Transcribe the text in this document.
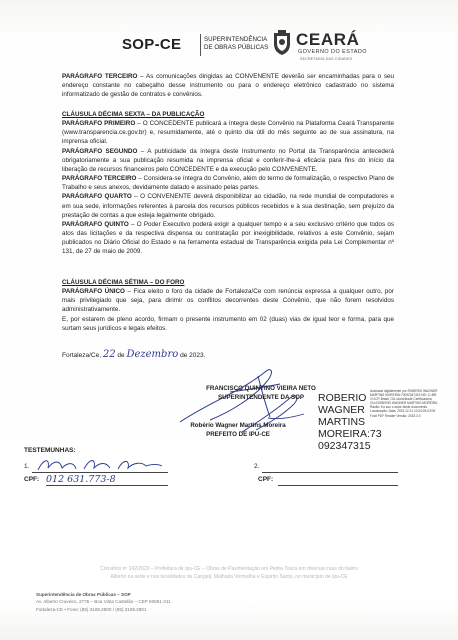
SOP-CE	SUPERINTENDÊNCIA
DE OBRAS PÚBLICAS CEARÁ
GOVERNO DO ESTADO
SECRETARIA DAS CIDADES
PARÁGRAFO TERCEIRO – As comunicações dirigidas ao CONVENENTE deverão ser encaminhadas para o seu endereço constante no cabeçalho desse instrumento ou para o endereço eletrônico cadastrado no sistema informatizado de gestão de contratos e convênios.
CLÁUSULA DÉCIMA SEXTA – DA PUBLICAÇÃO
PARÁGRAFO PRIMEIRO – O CONCEDENTE publicará a íntegra deste Convênio na Plataforma Ceará Transparente (www.transparencia.ce.gov.br) e, resumidamente, até o quinto dia útil do mês seguinte ao de sua assinatura, na imprensa oficial.
PARÁGRAFO SEGUNDO – A publicidade da íntegra deste Instrumento no Portal da Transparência antecederá obrigatoriamente a sua publicação resumida na imprensa oficial e conferir-lhe-á eficácia para fins do início da liberação de recursos financeiros pelo CONCEDENTE e da execução pelo CONVENENTE.
PARÁGRAFO TERCEIRO – Considera-se íntegra do Convênio, além do termo de formalização, o respectivo Plano de Trabalho e seus anexos, devidamente datado e assinado pelas partes.
PARÁGRAFO QUARTO – O CONVENENTE deverá disponibilizar ao cidadão, na rede mundial de computadores e em sua sede, informações referentes à parcela dos recursos públicos recebidos e à sua destinação, sem prejuízo da prestação de contas a que esteja legalmente obrigado.
PARÁGRAFO QUINTO – O Poder Executivo poderá exigir a qualquer tempo e a seu exclusivo critério que todos os atos das licitações e da respectiva dispensa ou contratação por inexigibilidade, relativos a este Convênio, sejam publicados no Diário Oficial do Estado e na ferramenta estadual de Transparência exigida pela Lei Complementar nº 131, de 27 de maio de 2009.
CLÁUSULA DÉCIMA SÉTIMA – DO FORO
PARÁGRAFO ÚNICO – Fica eleito o foro da cidade de Fortaleza/Ce com renúncia expressa a qualquer outro, por mais privilegiado que seja, para dirimir os conflitos decorrentes deste Convênio, que não forem resolvidos administrativamente.
E, por estarem de pleno acordo, firmam o presente instrumento em 02 (duas) vias de igual teor e forma, para que surtam seus jurídicos e legais efeitos.
Fortaleza/Ce, 22 de Dezembro de 2023.
FRANCISCO QUINTINO VIEIRA NETO
SUPERINTENDENTE DA SOP
Robério Wagner Martins Moreira
PREFEITO DE IPU-CE
ROBERIO WAGNER MARTINS MOREIRA:73 092347315
Assinado digitalmente por ROBERIO WAGNER MARTINS MOREIRA:73092347315 ND: C=BR, O=ICP-Brasil, OU=Autoridade Certificadora, CN=ROBERIO WAGNER MARTINS MOREIRA Razão: Eu sou o autor deste documento Localização: Data: 2023.12.21 10:24:09-03'00' Foxit PDF Reader Versão: 2023.3.0
TESTEMUNHAS:
1.
CPF: 012 631.773-8
2.
CPF:
Convênio nº 142/2023 – Prefeitura de Ipu-CE – Obras de Pavimentação em Pedra Tosca em diversas ruas do bairro
Alberto na sede e nos localidades de Cangati, Malhada Vermelha e Espírito Santo, no município de Ipu-CE
Superintendência de Obras Públicas – SOP
Av. Alberto Craveiro, 2775 – Boa Vista Castelão – CEP 60861-211
Fortaleza-CE • Fone: (85) 3108.2800 / (85) 3108.2801
